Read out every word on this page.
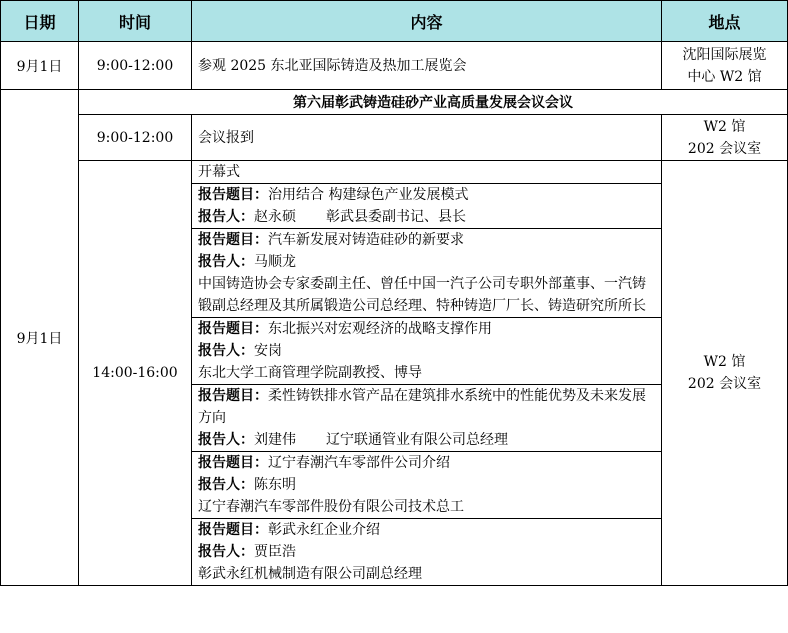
日期	时间	内容	地点
9月1日	9:00-12:00	参观 2025 东北亚国际铸造及热加工展览会	沈阳国际展览
中心 W2 馆

9月1日	第六届彰武铸造硅砂产业高质量发展会议会议		
	9:00-12:00	会议报到	W2 馆
202 会议室

	14:00-16:00	开幕式	W2 馆
202 会议室

		报告题目：治用结合 构建绿色产业发展模式
报告人：赵永硕 彰武县委副书记、县长	

		报告题目：汽车新发展对铸造硅砂的新要求
报告人：马顺龙
中国铸造协会专家委副主任、曾任中国一汽子公司专职外部董事、一汽铸锻副总经理及其所属锻造公司总经理、特种铸造厂厂长、铸造研究所所长	

		报告题目：东北振兴对宏观经济的战略支撑作用
报告人：安岗
东北大学工商管理学院副教授、博导	

		报告题目：柔性铸铁排水管产品在建筑排水系统中的性能优势及未来发展方向
报告人：刘建伟 辽宁联通管业有限公司总经理	

		报告题目：辽宁春潮汽车零部件公司介绍
报告人：陈东明
辽宁春潮汽车零部件股份有限公司技术总工	

		报告题目：彰武永红企业介绍
报告人：贾臣浩
彰武永红机械制造有限公司副总经理	
